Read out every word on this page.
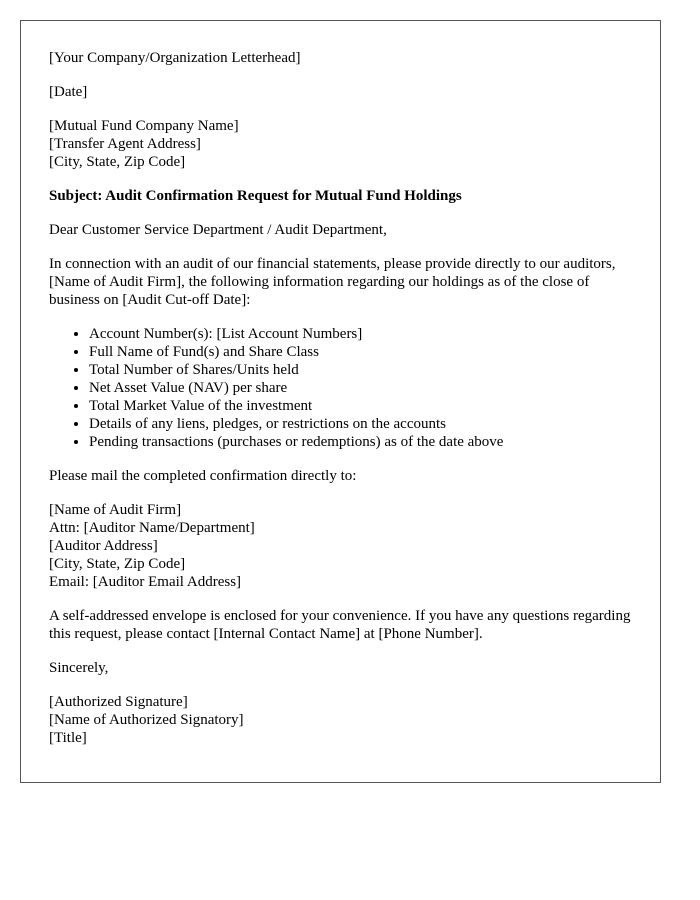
[Your Company/Organization Letterhead]

[Date]

[Mutual Fund Company Name]
[Transfer Agent Address]
[City, State, Zip Code]

Subject: Audit Confirmation Request for Mutual Fund Holdings

Dear Customer Service Department / Audit Department,

In connection with an audit of our financial statements, please provide directly to our auditors, [Name of Audit Firm], the following information regarding our holdings as of the close of business on [Audit Cut-off Date]:

• Account Number(s): [List Account Numbers]
• Full Name of Fund(s) and Share Class
• Total Number of Shares/Units held
• Net Asset Value (NAV) per share
• Total Market Value of the investment
• Details of any liens, pledges, or restrictions on the accounts
• Pending transactions (purchases or redemptions) as of the date above

Please mail the completed confirmation directly to:

[Name of Audit Firm]
Attn: [Auditor Name/Department]
[Auditor Address]
[City, State, Zip Code]
Email: [Auditor Email Address]

A self-addressed envelope is enclosed for your convenience. If you have any questions regarding this request, please contact [Internal Contact Name] at [Phone Number].

Sincerely,

[Authorized Signature]
[Name of Authorized Signatory]
[Title]
